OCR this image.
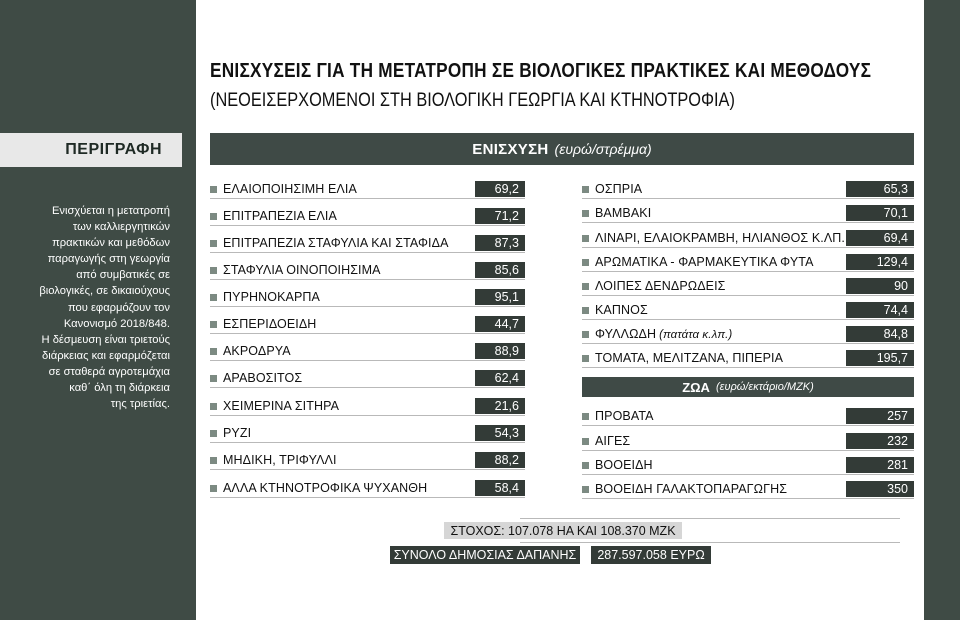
ΠΕΡΙΓΡΑΦΗ
Ενισχύεται η μετατροπή
των καλλιεργητικών
πρακτικών και μεθόδων
παραγωγής στη γεωργία
από συμβατικές σε
βιολογικές, σε δικαιούχους
που εφαρμόζουν τον
Κανονισμό 2018/848.
Η δέσμευση είναι τριετούς
διάρκειας και εφαρμόζεται
σε σταθερά αγροτεμάχια
καθ΄ όλη τη διάρκεια
της τριετίας.
ΕΝΙΣΧΥΣΕΙΣ ΓΙΑ ΤΗ ΜΕΤΑΤΡΟΠΗ ΣΕ ΒΙΟΛΟΓΙΚΕΣ ΠΡΑΚΤΙΚΕΣ ΚΑΙ ΜΕΘΟΔΟΥΣ
(ΝΕΟΕΙΣΕΡΧΟΜΕΝΟΙ ΣΤΗ ΒΙΟΛΟΓΙΚΗ ΓΕΩΡΓΙΑ ΚΑΙ ΚΤΗΝΟΤΡΟΦΙΑ)
ΕΝΙΣΧΥΣΗ (ευρώ/στρέμμα)
ΕΛΑΙΟΠΟΙΗΣΙΜΗ ΕΛΙΑ	69,2
ΕΠΙΤΡΑΠΕΖΙΑ ΕΛΙΑ	71,2
ΕΠΙΤΡΑΠΕΖΙΑ ΣΤΑΦΥΛΙΑ ΚΑΙ ΣΤΑΦΙΔΑ	87,3
ΣΤΑΦΥΛΙΑ ΟΙΝΟΠΟΙΗΣΙΜΑ	85,6
ΠΥΡΗΝΟΚΑΡΠΑ	95,1
ΕΣΠΕΡΙΔΟΕΙΔΗ	44,7
ΑΚΡΟΔΡΥΑ	88,9
ΑΡΑΒΟΣΙΤΟΣ	62,4
ΧΕΙΜΕΡΙΝΑ ΣΙΤΗΡΑ	21,6
ΡΥΖΙ	54,3
ΜΗΔΙΚΗ, ΤΡΙΦΥΛΛΙ	88,2
ΑΛΛΑ ΚΤΗΝΟΤΡΟΦΙΚΑ ΨΥΧΑΝΘΗ	58,4
ΟΣΠΡΙΑ	65,3
ΒΑΜΒΑΚΙ	70,1
ΛΙΝΑΡΙ, ΕΛΑΙΟΚΡΑΜΒΗ, ΗΛΙΑΝΘΟΣ Κ.ΛΠ.	69,4
ΑΡΩΜΑΤΙΚΑ - ΦΑΡΜΑΚΕΥΤΙΚΑ ΦΥΤΑ	129,4
ΛΟΙΠΕΣ ΔΕΝΔΡΩΔΕΙΣ	90
ΚΑΠΝΟΣ	74,4
ΦΥΛΛΩΔΗ (πατάτα κ.λπ.)	84,8
ΤΟΜΑΤΑ, ΜΕΛΙΤΖΑΝΑ, ΠΙΠΕΡΙΑ	195,7
ΖΩΑ (ευρώ/εκτάριο/ΜΖΚ)
ΠΡΟΒΑΤΑ	257
ΑΙΓΕΣ	232
ΒΟΟΕΙΔΗ	281
ΒΟΟΕΙΔΗ ΓΑΛΑΚΤΟΠΑΡΑΓΩΓΗΣ	350
ΣΤΟΧΟΣ: 107.078 ΗΑ ΚΑΙ 108.370 ΜΖΚ
ΣΥΝΟΛΟ ΔΗΜΟΣΙΑΣ ΔΑΠΑΝΗΣ	287.597.058 ΕΥΡΩ
